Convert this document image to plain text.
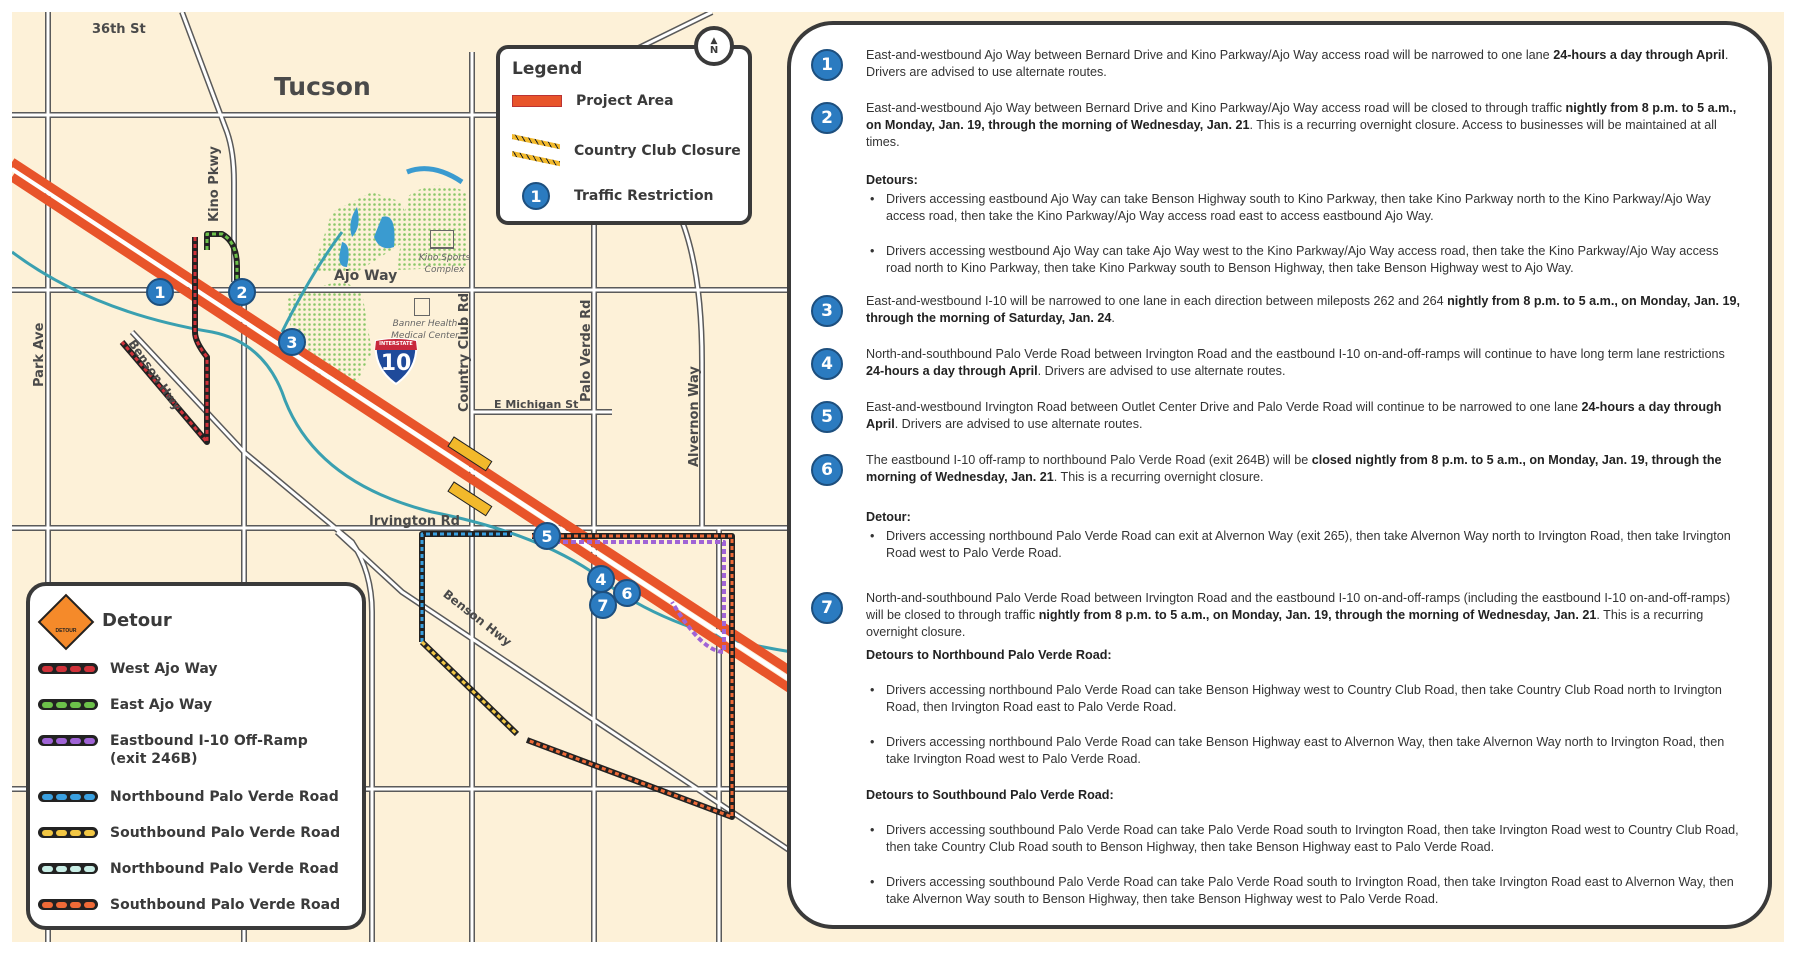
INTERSTATE
10
Tucson
36th St
Kino Pkwy
Ajo Way
Park Ave	Benson Hwy
Benson Hwy
Country Club Rd	Palo Verde Rd
E Michigan St	Alvernon Way
Irvington Rd
Kino Sports Complex
Banner Health Medical Center
1	2
3
4
5
6
7
Legend
Project Area
Country Club Closure
1	Traffic Restriction
▲
N
DETOUR	Detour
West Ajo Way
East Ajo Way
Eastbound I-10 Off-Ramp (exit 246B)
Northbound Palo Verde Road
Southbound Palo Verde Road
Northbound Palo Verde Road
Southbound Palo Verde Road
1	East-and-westbound Ajo Way between Bernard Drive and Kino Parkway/Ajo Way access road will be narrowed to one lane 24-hours a day through April. Drivers are advised to use alternate routes.
2	East-and-westbound Ajo Way between Bernard Drive and Kino Parkway/Ajo Way access road will be closed to through traffic nightly from 8 p.m. to 5 a.m., on Monday, Jan. 19, through the morning of Wednesday, Jan. 21. This is a recurring overnight closure. Access to businesses will be maintained at all times.
3	East-and-westbound I-10 will be narrowed to one lane in each direction between mileposts 262 and 264 nightly from 8 p.m. to 5 a.m., on Monday, Jan. 19, through the morning of Saturday, Jan. 24.
4	North-and-southbound Palo Verde Road between Irvington Road and the eastbound I-10 on-and-off-ramps will continue to have long term lane restrictions 24-hours a day through April. Drivers are advised to use alternate routes.
5	East-and-westbound Irvington Road between Outlet Center Drive and Palo Verde Road will continue to be narrowed to one lane 24-hours a day through April. Drivers are advised to use alternate routes.
6	The eastbound I-10 off-ramp to northbound Palo Verde Road (exit 264B) will be closed nightly from 8 p.m. to 5 a.m., on Monday, Jan. 19, through the morning of Wednesday, Jan. 21. This is a recurring overnight closure.
7	North-and-southbound Palo Verde Road between Irvington Road and the eastbound I-10 on-and-off-ramps (including the eastbound I-10 on-and-off-ramps) will be closed to through traffic nightly from 8 p.m. to 5 a.m., on Monday, Jan. 19, through the morning of Wednesday, Jan. 21. This is a recurring overnight closure.
Detours:
• Drivers accessing eastbound Ajo Way can take Benson Highway south to Kino Parkway, then take Kino Parkway north to the Kino Parkway/Ajo Way access road, then take the Kino Parkway/Ajo Way access road east to access eastbound Ajo Way.
• Drivers accessing westbound Ajo Way can take Ajo Way west to the Kino Parkway/Ajo Way access road, then take the Kino Parkway/Ajo Way access road north to Kino Parkway, then take Kino Parkway south to Benson Highway, then take Benson Highway west to Ajo Way.
Detour:
• Drivers accessing northbound Palo Verde Road can exit at Alvernon Way (exit 265), then take Alvernon Way north to Irvington Road, then take Irvington Road west to Palo Verde Road.
Detours to Northbound Palo Verde Road:
• Drivers accessing northbound Palo Verde Road can take Benson Highway west to Country Club Road, then take Country Club Road north to Irvington Road, then Irvington Road east to Palo Verde Road.
• Drivers accessing northbound Palo Verde Road can take Benson Highway east to Alvernon Way, then take Alvernon Way north to Irvington Road, then take Irvington Road west to Palo Verde Road.
Detours to Southbound Palo Verde Road:
• Drivers accessing southbound Palo Verde Road can take Palo Verde Road south to Irvington Road, then take Irvington Road west to Country Club Road, then take Country Club Road south to Benson Highway, then take Benson Highway east to Palo Verde Road.
• Drivers accessing southbound Palo Verde Road can take Palo Verde Road south to Irvington Road, then take Irvington Road east to Alvernon Way, then take Alvernon Way south to Benson Highway, then take Benson Highway west to Palo Verde Road.
